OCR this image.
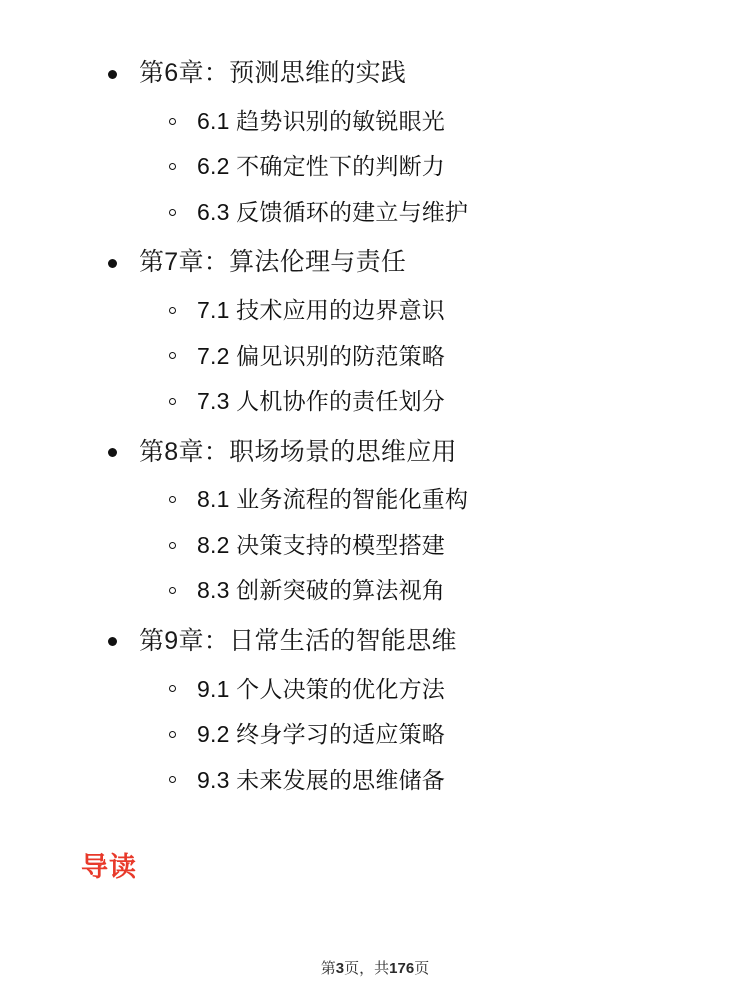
第6章：预测思维的实践
6.1 趋势识别的敏锐眼光
6.2 不确定性下的判断力
6.3 反馈循环的建立与维护
第7章：算法伦理与责任
7.1 技术应用的边界意识
7.2 偏见识别的防范策略
7.3 人机协作的责任划分
第8章：职场场景的思维应用
8.1 业务流程的智能化重构
8.2 决策支持的模型搭建
8.3 创新突破的算法视角
第9章：日常生活的智能思维
9.1 个人决策的优化方法
9.2 终身学习的适应策略
9.3 未来发展的思维储备
导读
第3页，共176页
